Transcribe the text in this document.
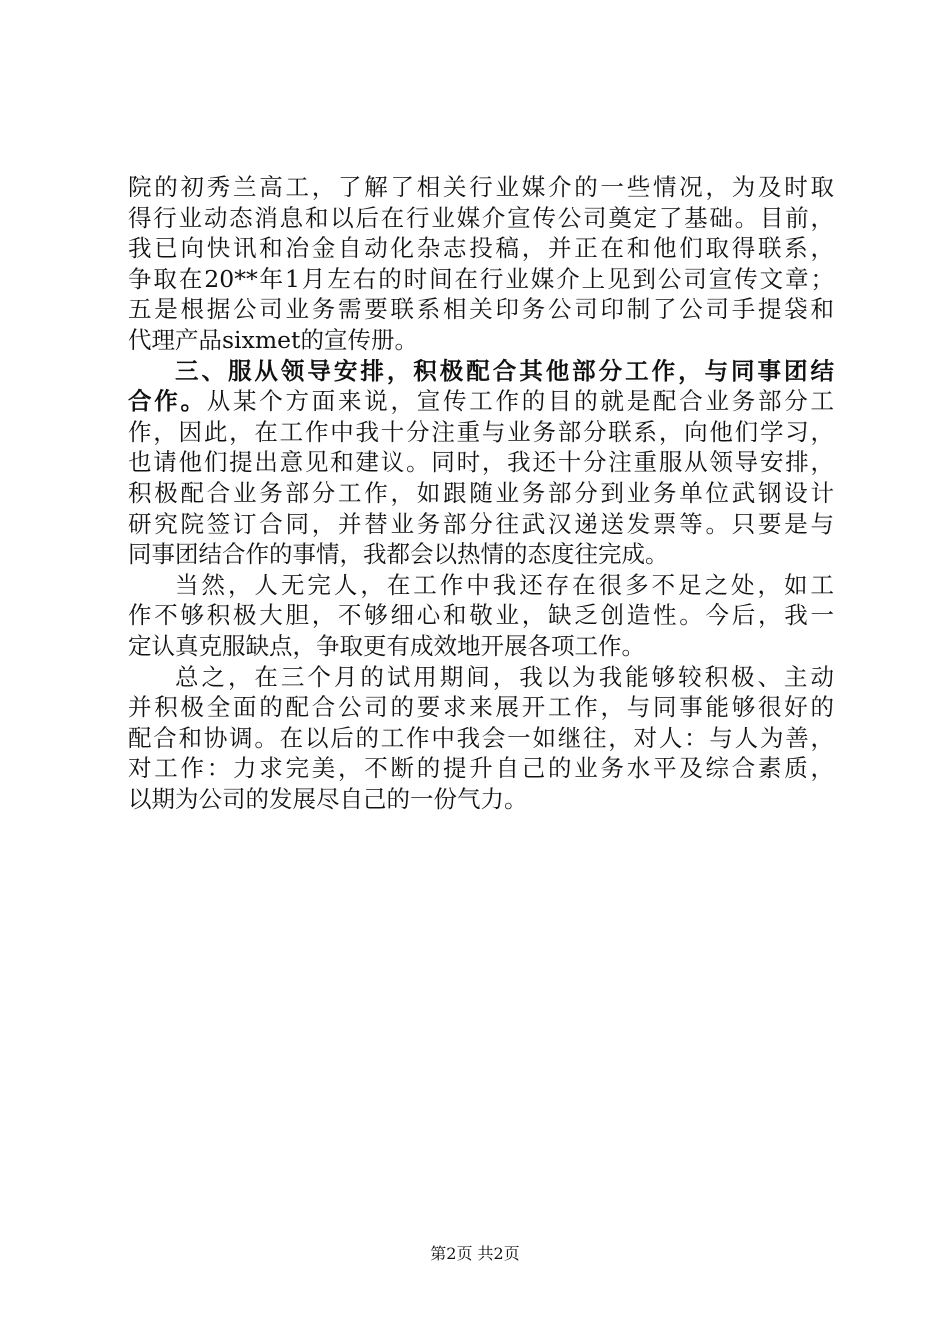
院的初秀兰高工，了解了相关行业媒介的一些情况，为及时取
得行业动态消息和以后在行业媒介宣传公司奠定了基础。目前，
我已向快讯和冶金自动化杂志投稿，并正在和他们取得联系，
争取在20**年1月左右的时间在行业媒介上见到公司宣传文章；
五是根据公司业务需要联系相关印务公司印制了公司手提袋和
代理产品sixmet的宣传册。
三、服从领导安排，积极配合其他部分工作，与同事团结
合作。从某个方面来说，宣传工作的目的就是配合业务部分工
作，因此，在工作中我十分注重与业务部分联系，向他们学习，
也请他们提出意见和建议。同时，我还十分注重服从领导安排，
积极配合业务部分工作，如跟随业务部分到业务单位武钢设计
研究院签订合同，并替业务部分往武汉递送发票等。只要是与
同事团结合作的事情，我都会以热情的态度往完成。
当然，人无完人，在工作中我还存在很多不足之处，如工
作不够积极大胆，不够细心和敬业，缺乏创造性。今后，我一
定认真克服缺点，争取更有成效地开展各项工作。
总之，在三个月的试用期间，我以为我能够较积极、主动
并积极全面的配合公司的要求来展开工作，与同事能够很好的
配合和协调。在以后的工作中我会一如继往，对人：与人为善，
对工作：力求完美，不断的提升自己的业务水平及综合素质，
以期为公司的发展尽自己的一份气力。
第2页 共2页
